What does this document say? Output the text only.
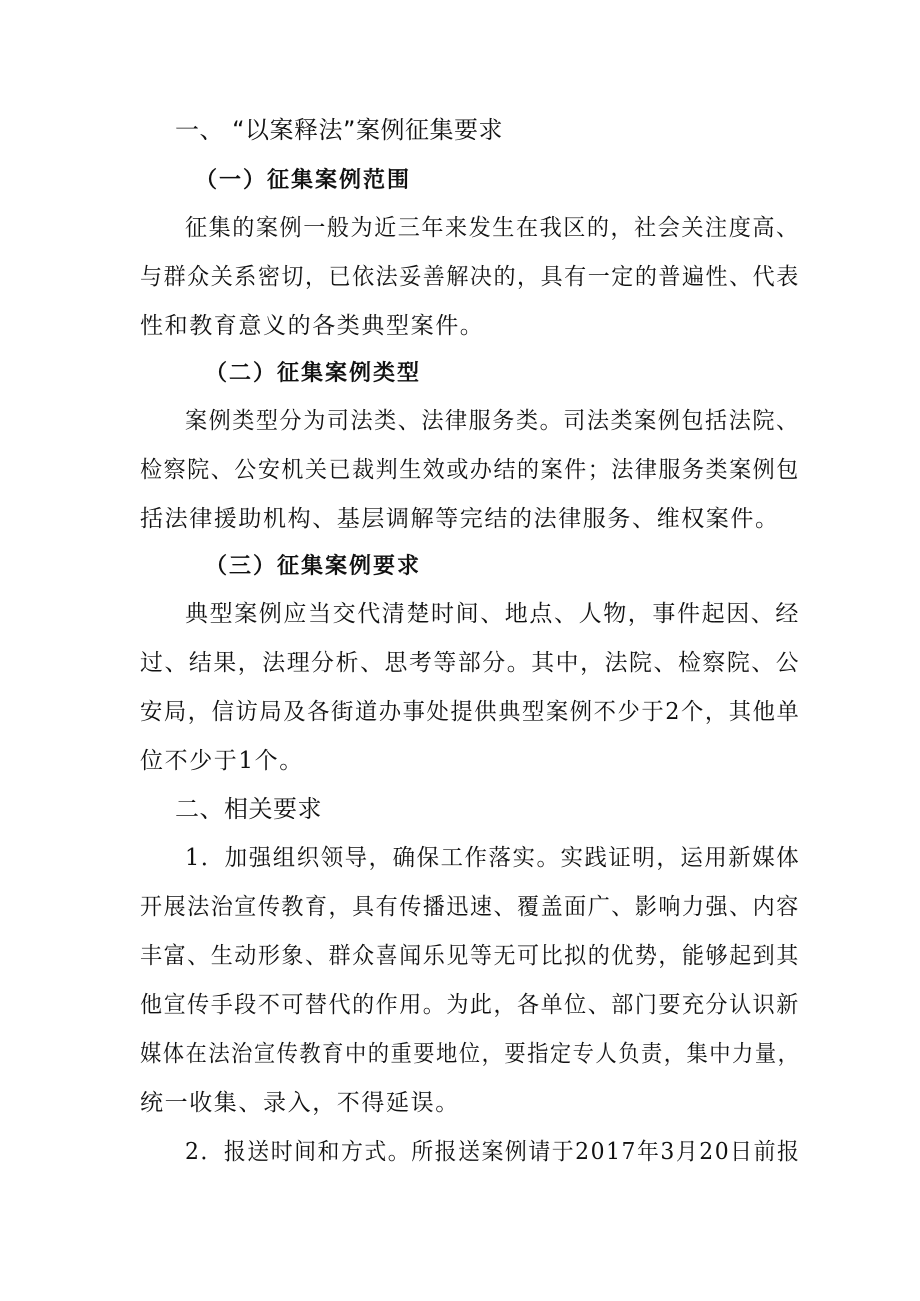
一、 “以案释法”案例征集要求
（一）征集案例范围
征集的案例一般为近三年来发生在我区的，社会关注度高、
与群众关系密切，已依法妥善解决的，具有一定的普遍性、代表
性和教育意义的各类典型案件。
（二）征集案例类型
案例类型分为司法类、法律服务类。司法类案例包括法院、
检察院、公安机关已裁判生效或办结的案件；法律服务类案例包
括法律援助机构、基层调解等完结的法律服务、维权案件。
（三）征集案例要求
典型案例应当交代清楚时间、地点、人物，事件起因、经
过、结果，法理分析、思考等部分。其中，法院、检察院、公
安局，信访局及各街道办事处提供典型案例不少于2个，其他单
位不少于1个。
二、相关要求
1．加强组织领导，确保工作落实。实践证明，运用新媒体
开展法治宣传教育，具有传播迅速、覆盖面广、影响力强、内容
丰富、生动形象、群众喜闻乐见等无可比拟的优势，能够起到其
他宣传手段不可替代的作用。为此，各单位、部门要充分认识新
媒体在法治宣传教育中的重要地位，要指定专人负责，集中力量，
统一收集、录入，不得延误。
2．报送时间和方式。所报送案例请于2017年3月20日前报
